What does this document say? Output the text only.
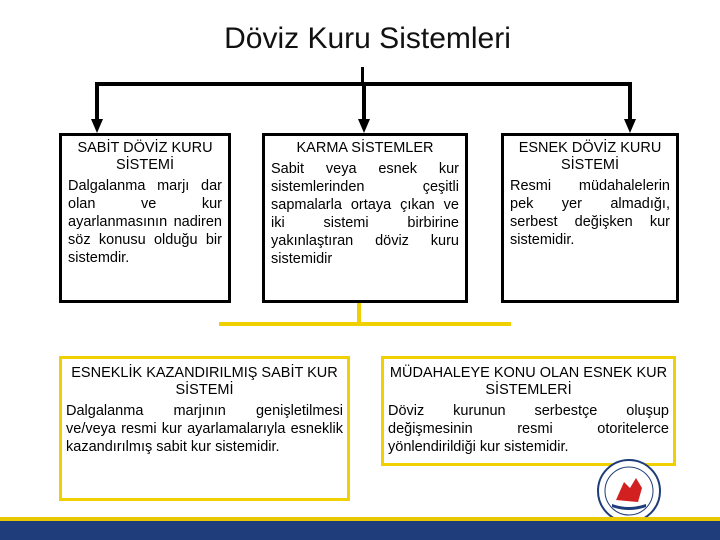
Döviz Kuru Sistemleri
SABİT DÖVİZ KURU SİSTEMİ
Dalgalanma marjı dar olan ve kur ayarlanmasının nadiren söz konusu olduğu bir sistemdir.
KARMA SİSTEMLER
Sabit veya esnek kur sistemlerinden çeşitli sapmalarla ortaya çıkan ve iki sistemi birbirine yakınlaştıran döviz kuru sistemidir
ESNEK DÖVİZ KURU SİSTEMİ
Resmi müdahalelerin pek yer almadığı, serbest değişken kur sistemidir.
ESNEKLİK KAZANDIRILMIŞ SABİT KUR SİSTEMİ
Dalgalanma marjının genişletilmesi ve/veya resmi kur ayarlamalarıyla esneklik kazandırılmış sabit kur sistemidir.
MÜDAHALEYE KONU OLAN ESNEK KUR SİSTEMLERİ
Döviz kurunun serbestçe oluşup değişmesinin resmi otoritelerce yönlendirildiği kur sistemidir.
